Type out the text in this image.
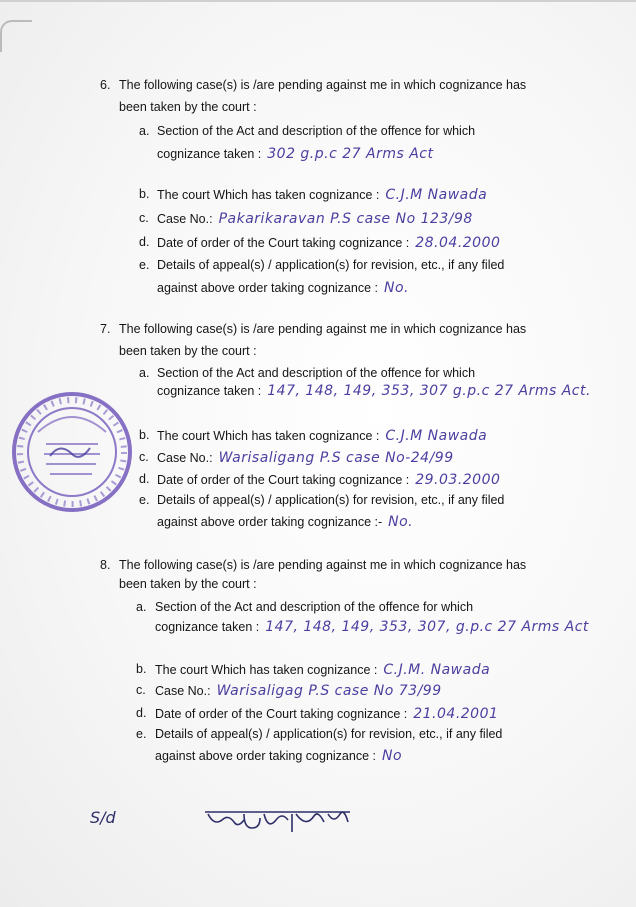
6. The following case(s) is /are pending against me in which cognizance has
been taken by the court :
a. Section of the Act and description of the offence for which
cognizance taken : 302 g.p.c 27 Arms Act
b. The court Which has taken cognizance : C.J.M Nawada
c. Case No.: Pakarikaravan P.S case No 123/98
d. Date of order of the Court taking cognizance : 28.04.2000
e. Details of appeal(s) / application(s) for revision, etc., if any filed
against above order taking cognizance : No.
7. The following case(s) is /are pending against me in which cognizance has
been taken by the court :
a. Section of the Act and description of the offence for which
cognizance taken : 147, 148, 149, 353, 307 g.p.c 27 Arms Act.
b. The court Which has taken cognizance : C.J.M Nawada
c. Case No.: Warisaligang P.S case No-24/99
d. Date of order of the Court taking cognizance : 29.03.2000
e. Details of appeal(s) / application(s) for revision, etc., if any filed
against above order taking cognizance :- No.
8. The following case(s) is /are pending against me in which cognizance has
been taken by the court :
a. Section of the Act and description of the offence for which
cognizance taken : 147, 148, 149, 353, 307, g.p.c 27 Arms Act
b. The court Which has taken cognizance : C.J.M. Nawada
c. Case No.: Warisaligag P.S case No 73/99
d. Date of order of the Court taking cognizance : 21.04.2001
e. Details of appeal(s) / application(s) for revision, etc., if any filed
against above order taking cognizance : No
S/d
